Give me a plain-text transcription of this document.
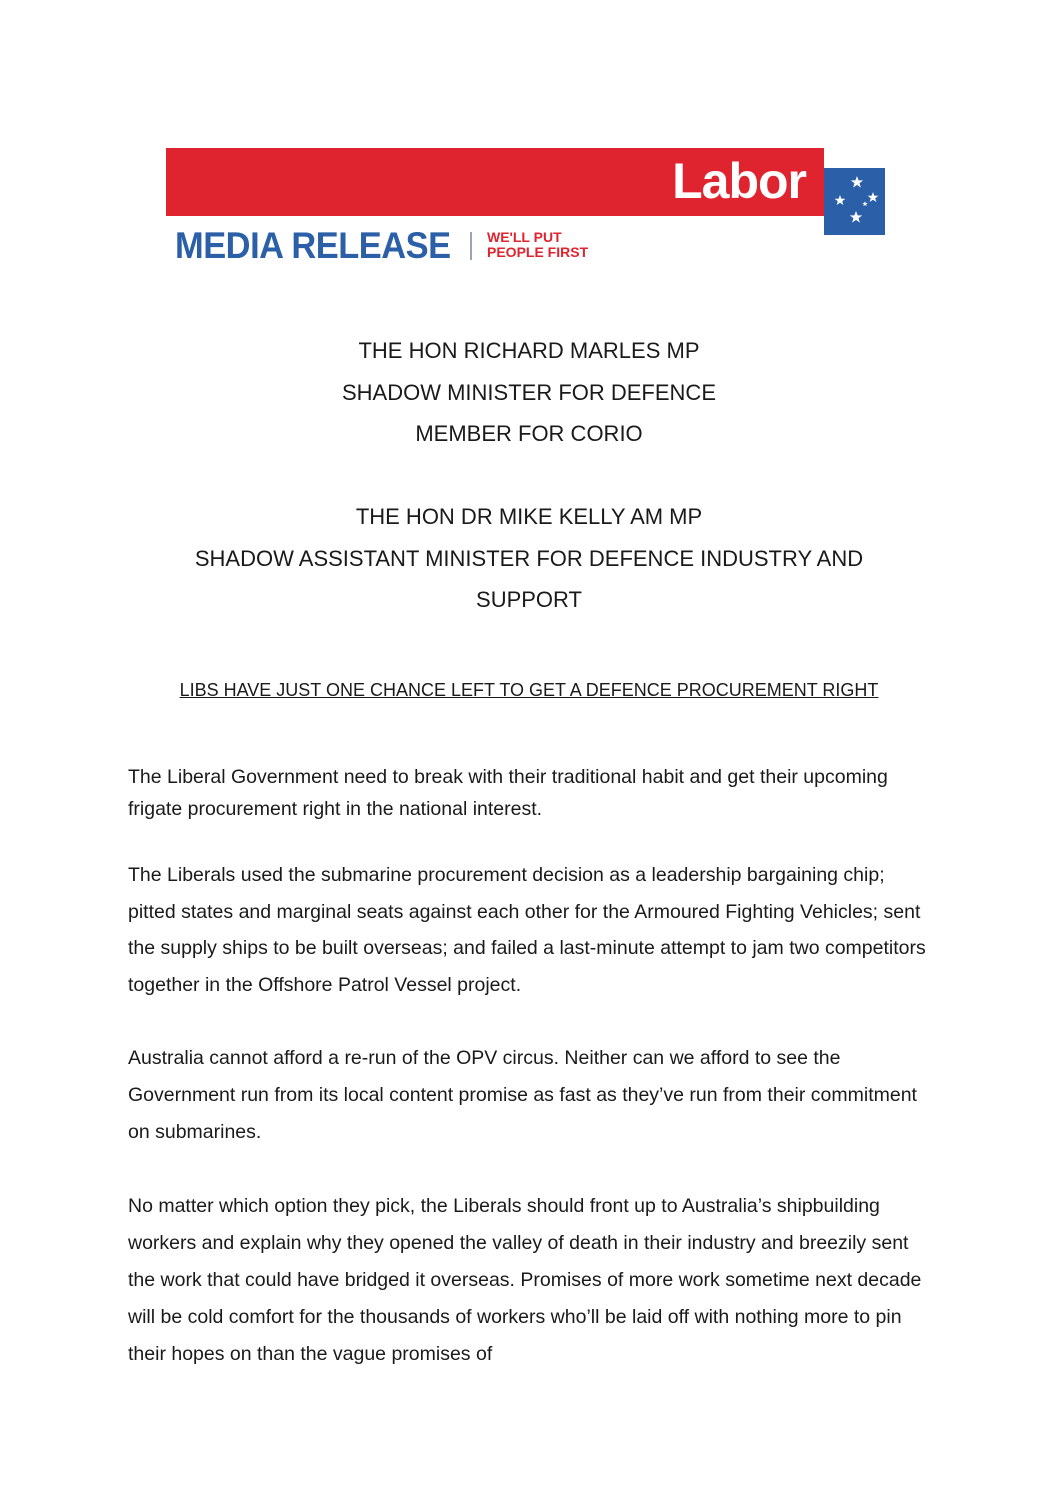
Labor
MEDIA RELEASE	WE'LL PUT
PEOPLE FIRST
THE HON RICHARD MARLES MP
SHADOW MINISTER FOR DEFENCE
MEMBER FOR CORIO
THE HON DR MIKE KELLY AM MP
SHADOW ASSISTANT MINISTER FOR DEFENCE INDUSTRY AND
SUPPORT
LIBS HAVE JUST ONE CHANCE LEFT TO GET A DEFENCE PROCUREMENT RIGHT

The Liberal Government need to break with their traditional habit and get their upcoming frigate procurement right in the national interest.

The Liberals used the submarine procurement decision as a leadership bargaining chip; pitted states and marginal seats against each other for the Armoured Fighting Vehicles; sent the supply ships to be built overseas; and failed a last-minute attempt to jam two competitors together in the Offshore Patrol Vessel project.

Australia cannot afford a re-run of the OPV circus. Neither can we afford to see the Government run from its local content promise as fast as they’ve run from their commitment on submarines.

No matter which option they pick, the Liberals should front up to Australia’s shipbuilding workers and explain why they opened the valley of death in their industry and breezily sent the work that could have bridged it overseas. Promises of more work sometime next decade will be cold comfort for the thousands of workers who’ll be laid off with nothing more to pin their hopes on than the vague promises of
